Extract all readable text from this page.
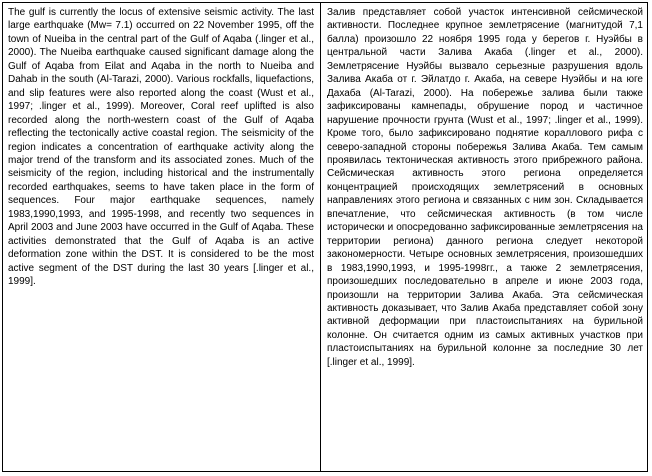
The gulf is currently the locus of extensive seismic activity. The last large earthquake (Mw= 7.1) occurred on 22 November 1995, off the town of Nueiba in the central part of the Gulf of Aqaba (.linger et al., 2000). The Nueiba earthquake caused significant damage along the Gulf of Aqaba from Eilat and Aqaba in the north to Nueiba and Dahab in the south (Al-Tarazi, 2000). Various rockfalls, liquefactions, and slip features were also reported along the coast (Wust et al., 1997; .linger et al., 1999). Moreover, Coral reef uplifted is also recorded along the north-western coast of the Gulf of Aqaba reflecting the tectonically active coastal region. The seismicity of the region indicates a concentration of earthquake activity along the major trend of the transform and its associated zones. Much of the seismicity of the region, including historical and the instrumentally recorded earthquakes, seems to have taken place in the form of sequences. Four major earthquake sequences, namely 1983,1990,1993, and 1995-1998, and recently two sequences in April 2003 and June 2003 have occurred in the Gulf of Aqaba. These activities demonstrated that the Gulf of Aqaba is an active deformation zone within the DST. It is considered to be the most active segment of the DST during the last 30 years [.linger et al., 1999].
Залив представляет собой участок интенсивной сейсмической активности. Последнее крупное землетрясение (магнитудой 7,1 балла) произошло 22 ноября 1995 года у берегов г. Нуэйбы в центральной части Залива Акаба (.linger et al., 2000). Землетрясение Нуэйбы вызвало серьезные разрушения вдоль Залива Акаба от г. Эйлатдо г. Акаба, на севере Нуэйбы и на юге Дахаба (Al-Tarazi, 2000). На побережье залива были также зафиксированы камнепады, обрушение пород и частичное нарушение прочности грунта (Wust et al., 1997; .linger et al., 1999). Кроме того, было зафиксировано поднятие кораллового рифа с северо-западной стороны побережья Залива Акаба. Тем самым проявилась тектоническая активность этого прибрежного района. Сейсмическая активность этого региона определяется концентрацией происходящих землетрясений в основных направлениях этого региона и связанных с ним зон. Складывается впечатление, что сейсмическая активность (в том числе исторически и опосредованно зафиксированные землетрясения на территории региона) данного региона следует некоторой закономерности. Четыре основных землетрясения, произошедших в 1983,1990,1993, и 1995-1998гг., а также 2 землетрясения, произошедших последовательно в апреле и июне 2003 года, произошли на территории Залива Акаба. Эта сейсмическая активность доказывает, что Залив Акаба представляет собой зону активной деформации при пластоиспытаниях на бурильной колонне. Он считается одним из самых активных участков при пластоиспытаниях на бурильной колонне за последние 30 лет [.linger et al., 1999].
